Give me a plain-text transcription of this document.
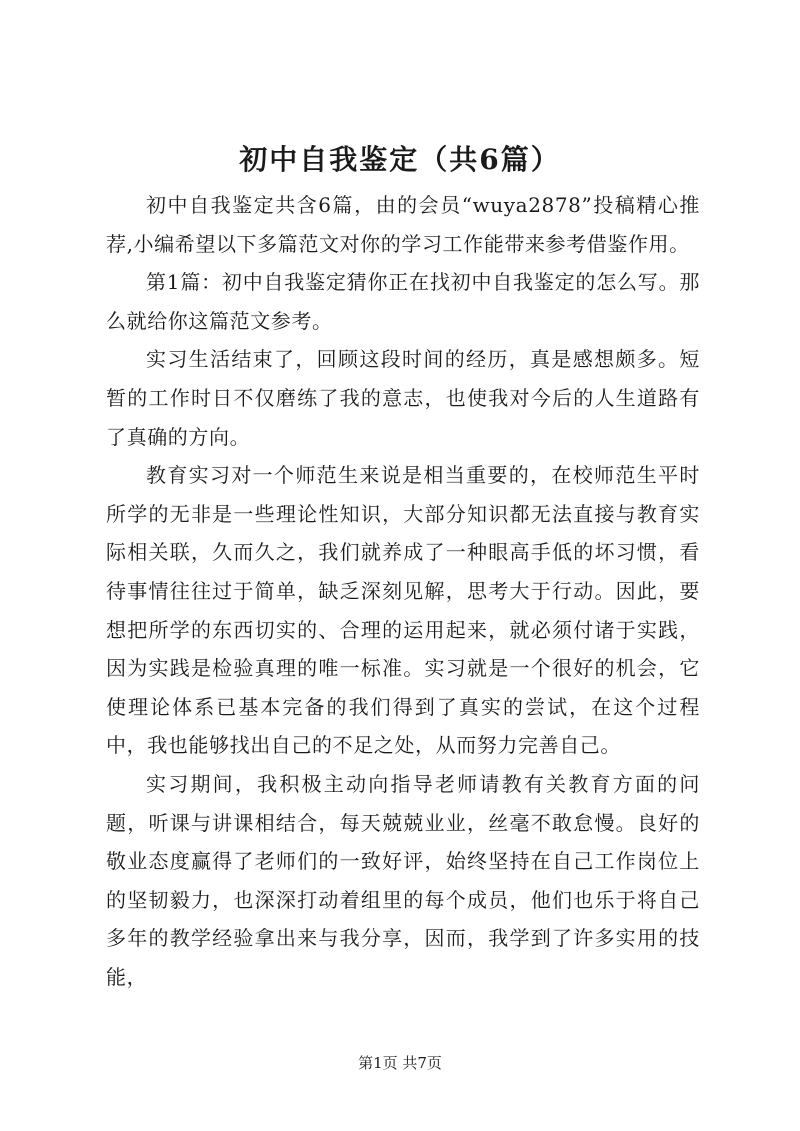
初中自我鉴定（共6篇）

初中自我鉴定共含6篇，由的会员“wuya2878”投稿精心推荐,小编希望以下多篇范文对你的学习工作能带来参考借鉴作用。

第1篇：初中自我鉴定猜你正在找初中自我鉴定的怎么写。那么就给你这篇范文参考。

实习生活结束了，回顾这段时间的经历，真是感想颇多。短暂的工作时日不仅磨练了我的意志，也使我对今后的人生道路有了真确的方向。

教育实习对一个师范生来说是相当重要的，在校师范生平时所学的无非是一些理论性知识，大部分知识都无法直接与教育实际相关联，久而久之，我们就养成了一种眼高手低的坏习惯，看待事情往往过于简单，缺乏深刻见解，思考大于行动。因此，要想把所学的东西切实的、合理的运用起来，就必须付诸于实践，因为实践是检验真理的唯一标准。实习就是一个很好的机会，它使理论体系已基本完备的我们得到了真实的尝试，在这个过程中，我也能够找出自己的不足之处，从而努力完善自己。

实习期间，我积极主动向指导老师请教有关教育方面的问题，听课与讲课相结合，每天兢兢业业，丝毫不敢怠慢。良好的敬业态度赢得了老师们的一致好评，始终坚持在自己工作岗位上的坚韧毅力，也深深打动着组里的每个成员，他们也乐于将自己多年的教学经验拿出来与我分享，因而，我学到了许多实用的技能，

第1页 共7页
